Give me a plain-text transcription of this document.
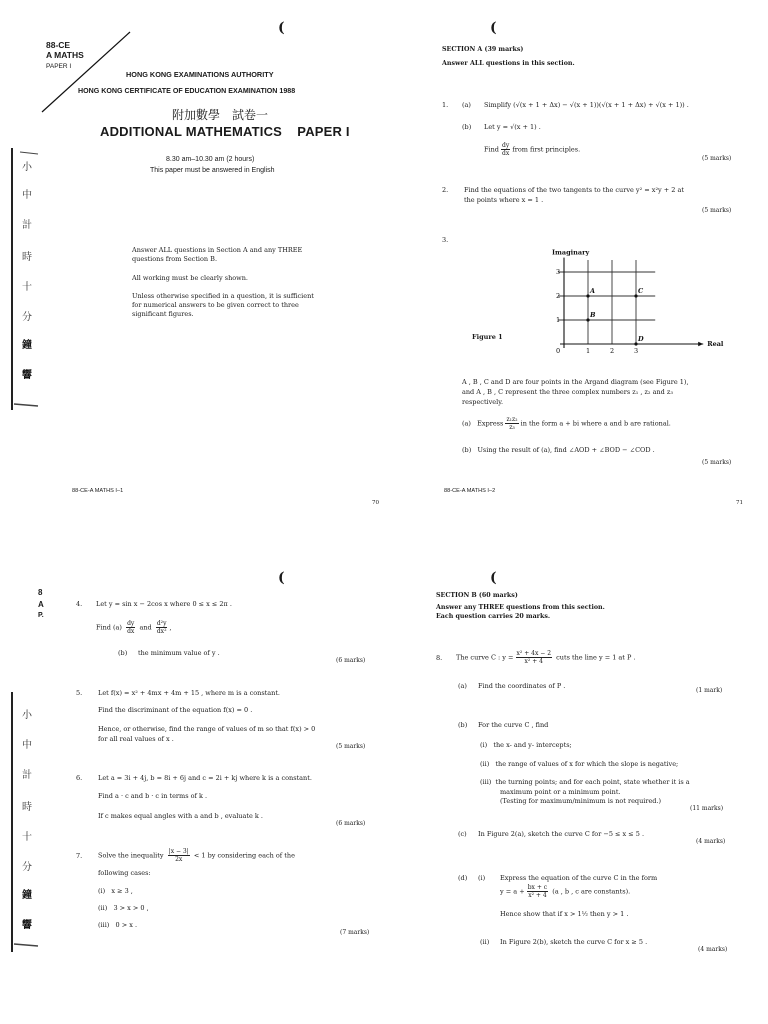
(
88-CE
A MATHS
PAPER I
HONG KONG EXAMINATIONS AUTHORITY
HONG KONG CERTIFICATE OF EDUCATION EXAMINATION 1988
附加數學　試卷一
ADDITIONAL MATHEMATICS    PAPER I
8.30 am–10.30 am (2 hours)
This paper must be answered in English
Answer ALL questions in Section A and any THREE questions from Section B.
All working must be clearly shown.
Unless otherwise specified in a question, it is sufficient for numerical answers to be given correct to three significant figures.
小
中
計
時
十
分
鐘
響
88-CE-A MATHS I–1
70
(
SECTION A (39 marks)
Answer ALL questions in this section.
1. (a) Simplify (√(x + 1 + Δx) − √(x + 1))(√(x + 1 + Δx) + √(x + 1)) .
(b) Let y = √(x + 1) .
Find $\frac{dy}{dx}$ from first principles.
(5 marks)
2. Find the equations of the two tangents to the curve y² = x²y + 2 at
the points where x = 1 .
(5 marks)
3.
Figure 1
Imaginary
Real
0	1	2	3
1
2
3
A
B
C
D
A , B , C and D are four points in the Argand diagram (see Figure 1),
and A , B , C represent the three complex numbers z₁ , z₂ and z₃
respectively.
(a) Express $\frac{\text{z₁z₂}}{\text{z₃}}$ in the form a + bi where a and b are rational.
(b) Using the result of (a), find ∠AOD + ∠BOD − ∠COD .
(5 marks)
88-CE-A MATHS I–2
71
(
8
A
P.
小
中
計
時
十
分
鐘
響
4. Let y = sin x − 2cos x where 0 ≤ x ≤ 2π .
Find $(a) \frac{dy}{dx}$ and $\frac{\text{d²y}}{\text{dx²}}$ ,
(b) the minimum value of y .
(6 marks)
5. Let f(x) = x² + 4mx + 4m + 15 , where m is a constant.
Find the discriminant of the equation f(x) = 0 .
Hence, or otherwise, find the range of values of m so that f(x) > 0
for all real values of x .
(5 marks)
6. Let a = 3i + 4j, b = 8i + 6j and c = 2i + kj where k is a constant.
Find a · c and b · c in terms of k .
If c makes equal angles with a and b , evaluate k .
(6 marks)
7. Solve the inequality $\frac{|x - 3|}{2x} < 1$ by considering each of the
following cases:
(i) x ≥ 3 ,
(ii) 3 > x > 0 ,
(iii) 0 > x .
(7 marks)
(
SECTION B (60 marks)
Answer any THREE questions from this section.
Each question carries 20 marks.
8. The curve C : $y = \frac{\text{x² + 4x − 2}}{\text{x² + 4}}$ cuts the line y = 1 at P .
(a) Find the coordinates of P .
(1 mark)
(b) For the curve C , find
(i) the x- and y- intercepts;
(ii) the range of values of x for which the slope is negative;
(iii) the turning points; and for each point, state whether it is a
maximum point or a minimum point.
(Testing for maximum/minimum is not required.)
(11 marks)
(c) In Figure 2(a), sketch the curve C for −5 ≤ x ≤ 5 .
(4 marks)
(d) (i) Express the equation of the curve C in the form
$y = a + \frac{bx + c}{\text{x² + 4}} (a$ , b , c are constants).
Hence show that if x > 1½ then y > 1 .
(ii) In Figure 2(b), sketch the curve C for x ≥ 5 .
(4 marks)
